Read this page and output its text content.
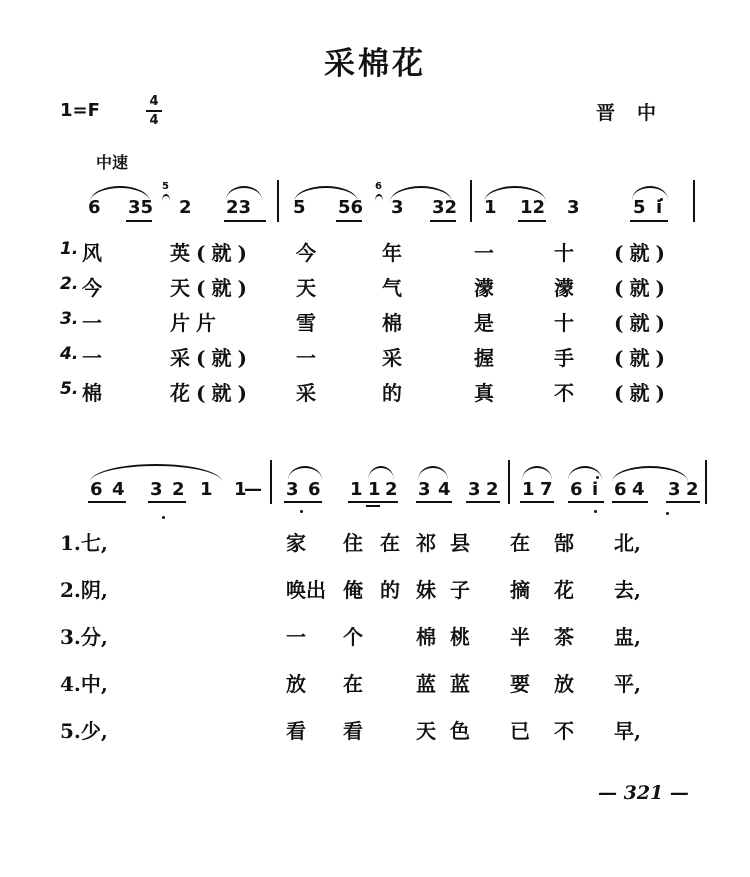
采棉花
1=F	4
4	晋中
中速
6 35 2 23 5 56 3 32 1 12 3	5 i
5	6
1. 风	英(就) 今	年	一	十 (就)
2. 今	天(就) 天	气	濛	濛 (就)
3. 一	片片	雪	棉	是	十 (就)
4. 一	采(就) 一	采	握	手 (就)
5. 棉	花(就) 采	的	真	不 (就)
6 4 3 2 1 1
— 3 6 1 1 2 3 4 3 2 1 7 6 i 6 4 3 2
1.七,	家 住 在 祁 县 在 郜 北,
2.阴,	唤出 俺 的 妹 子 摘 花 去,
3.分,	一 个	棉 桃 半 茶 盅,
4.中,	放 在	蓝 蓝 要 放 平,
5.少,	看 看	天 色 已 不 早,
— 321 —
